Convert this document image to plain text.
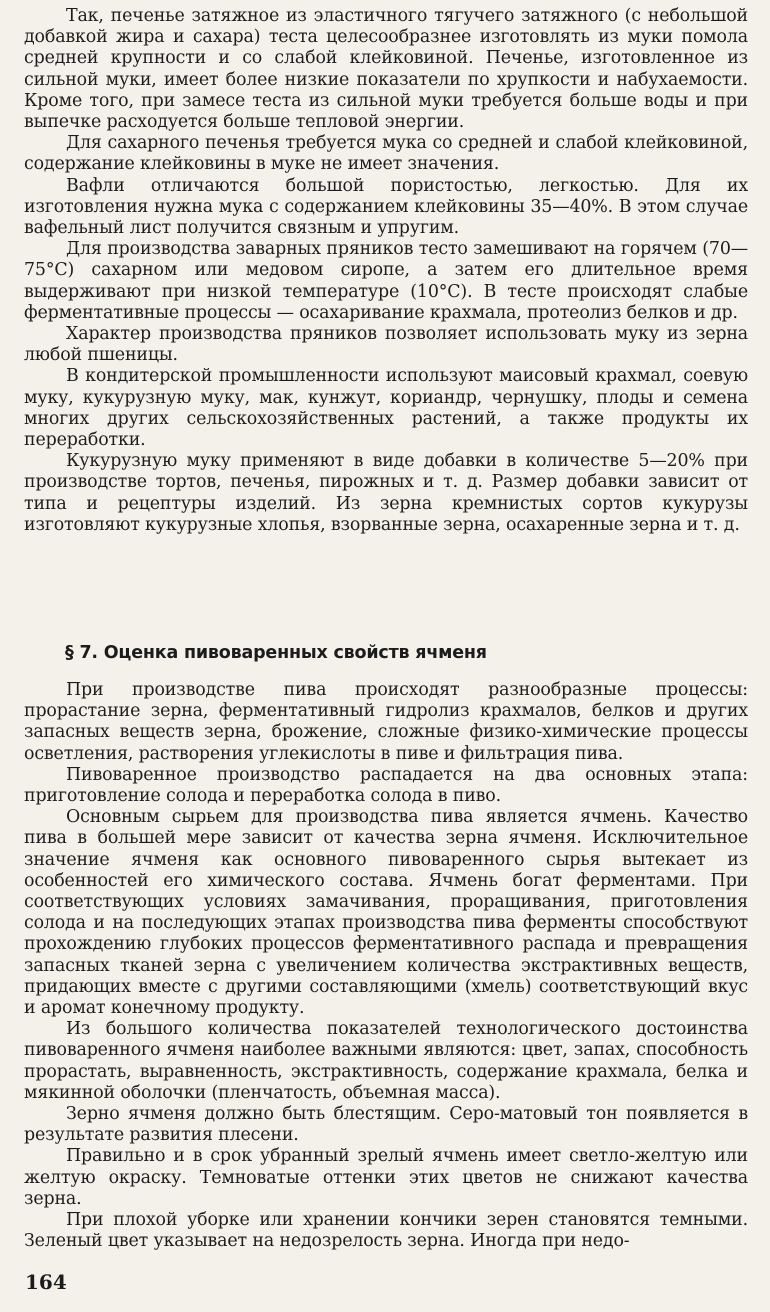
Так, печенье затяжное из эластичного тягучего затяжного (с небольшой добавкой жира и сахара) теста целесообразнее изготовлять из муки помола средней крупности и со слабой клейковиной. Печенье, изготовленное из сильной муки, имеет более низкие показатели по хрупкости и набухаемости. Кроме того, при замесе теста из сильной муки требуется больше воды и при выпечке расходуется больше тепловой энергии.

Для сахарного печенья требуется мука со средней и слабой клейковиной, содержание клейковины в муке не имеет значения.

Вафли отличаются большой пористостью, легкостью. Для их изготовления нужна мука с содержанием клейковины 35—40%. В этом случае вафельный лист получится связным и упругим.

Для производства заварных пряников тесто замешивают на горячем (70—75°С) сахарном или медовом сиропе, а затем его длительное время выдерживают при низкой температуре (10°С). В тесте происходят слабые ферментативные процессы — осахаривание крахмала, протеолиз белков и др.

Характер производства пряников позволяет использовать муку из зерна любой пшеницы.

В кондитерской промышленности используют маисовый крахмал, соевую муку, кукурузную муку, мак, кунжут, кориандр, чернушку, плоды и семена многих других сельскохозяйственных растений, а также продукты их переработки.

Кукурузную муку применяют в виде добавки в количестве 5—20% при производстве тортов, печенья, пирожных и т. д. Размер добавки зависит от типа и рецептуры изделий. Из зерна кремнистых сортов кукурузы изготовляют кукурузные хлопья, взорванные зерна, осахаренные зерна и т. д.

§ 7. Оценка пивоваренных свойств ячменя

При производстве пива происходят разнообразные процессы: прорастание зерна, ферментативный гидролиз крахмалов, белков и других запасных веществ зерна, брожение, сложные физико-химические процессы осветления, растворения углекислоты в пиве и фильтрация пива.

Пивоваренное производство распадается на два основных этапа: приготовление солода и переработка солода в пиво.

Основным сырьем для производства пива является ячмень. Качество пива в большей мере зависит от качества зерна ячменя. Исключительное значение ячменя как основного пивоваренного сырья вытекает из особенностей его химического состава. Ячмень богат ферментами. При соответствующих условиях замачивания, проращивания, приготовления солода и на последующих этапах производства пива ферменты способствуют прохождению глубоких процессов ферментативного распада и превращения запасных тканей зерна с увеличением количества экстрактивных веществ, придающих вместе с другими составляющими (хмель) соответствующий вкус и аромат конечному продукту.

Из большого количества показателей технологического достоинства пивоваренного ячменя наиболее важными являются: цвет, запах, способность прорастать, выравненность, экстрактивность, содержание крахмала, белка и мякинной оболочки (пленчатость, объемная масса).

Зерно ячменя должно быть блестящим. Серо-матовый тон появляется в результате развития плесени.

Правильно и в срок убранный зрелый ячмень имеет светло-желтую или желтую окраску. Темноватые оттенки этих цветов не снижают качества зерна.

При плохой уборке или хранении кончики зерен становятся темными. Зеленый цвет указывает на недозрелость зерна. Иногда при недо-

164
